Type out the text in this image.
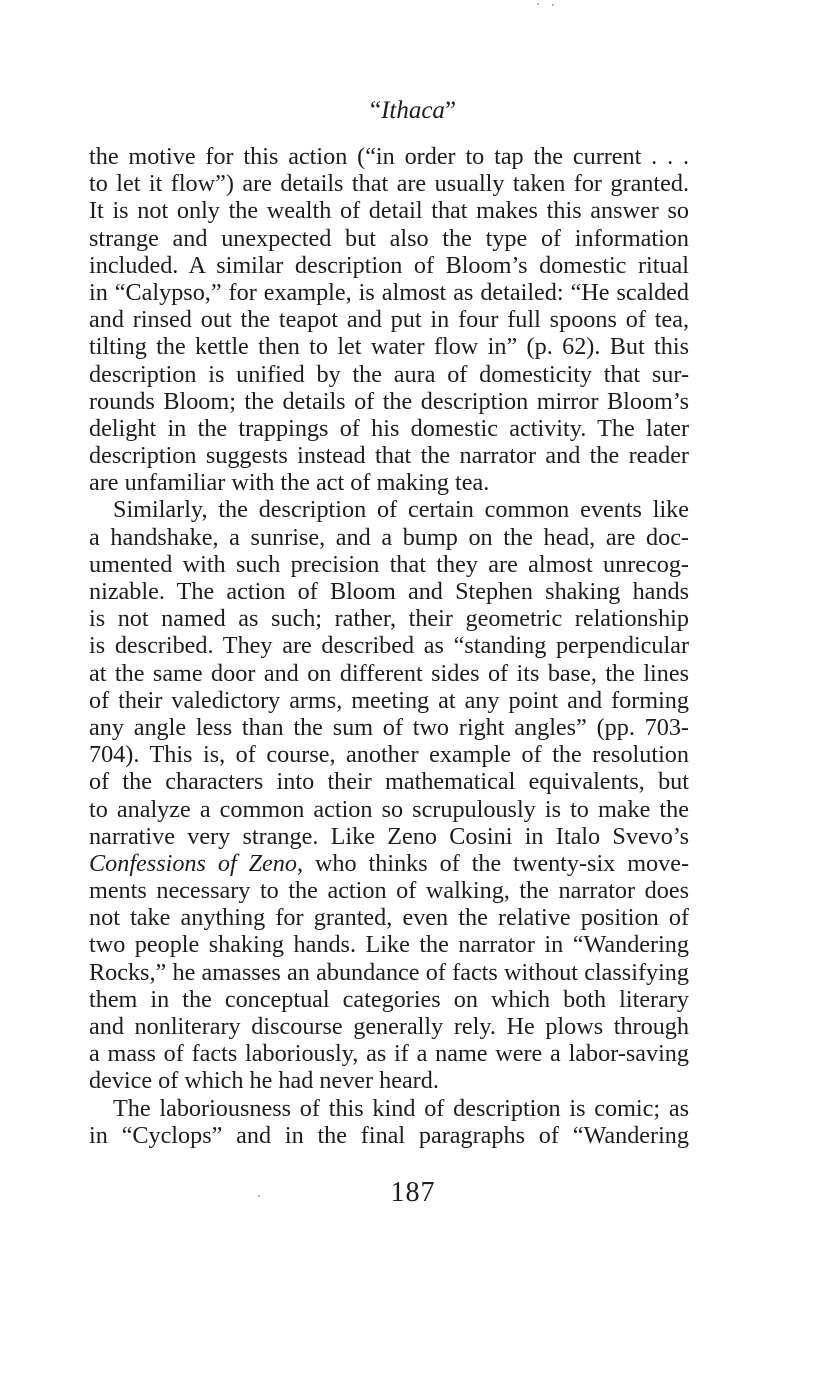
“Ithaca”
the motive for this action (“in order to tap the current . . .
to let it flow”) are details that are usually taken for granted.
It is not only the wealth of detail that makes this answer so
strange and unexpected but also the type of information
included. A similar description of Bloom’s domestic ritual
in “Calypso,” for example, is almost as detailed: “He scalded
and rinsed out the teapot and put in four full spoons of tea,
tilting the kettle then to let water flow in” (p. 62). But this
description is unified by the aura of domesticity that sur-
rounds Bloom; the details of the description mirror Bloom’s
delight in the trappings of his domestic activity. The later
description suggests instead that the narrator and the reader
are unfamiliar with the act of making tea.
Similarly, the description of certain common events like
a handshake, a sunrise, and a bump on the head, are doc-
umented with such precision that they are almost unrecog-
nizable. The action of Bloom and Stephen shaking hands
is not named as such; rather, their geometric relationship
is described. They are described as “standing perpendicular
at the same door and on different sides of its base, the lines
of their valedictory arms, meeting at any point and forming
any angle less than the sum of two right angles” (pp. 703-
704). This is, of course, another example of the resolution
of the characters into their mathematical equivalents, but
to analyze a common action so scrupulously is to make the
narrative very strange. Like Zeno Cosini in Italo Svevo’s
Confessions of Zeno, who thinks of the twenty-six move-
ments necessary to the action of walking, the narrator does
not take anything for granted, even the relative position of
two people shaking hands. Like the narrator in “Wandering
Rocks,” he amasses an abundance of facts without classifying
them in the conceptual categories on which both literary
and nonliterary discourse generally rely. He plows through
a mass of facts laboriously, as if a name were a labor-saving
device of which he had never heard.
The laboriousness of this kind of description is comic; as
in “Cyclops” and in the final paragraphs of “Wandering
187
